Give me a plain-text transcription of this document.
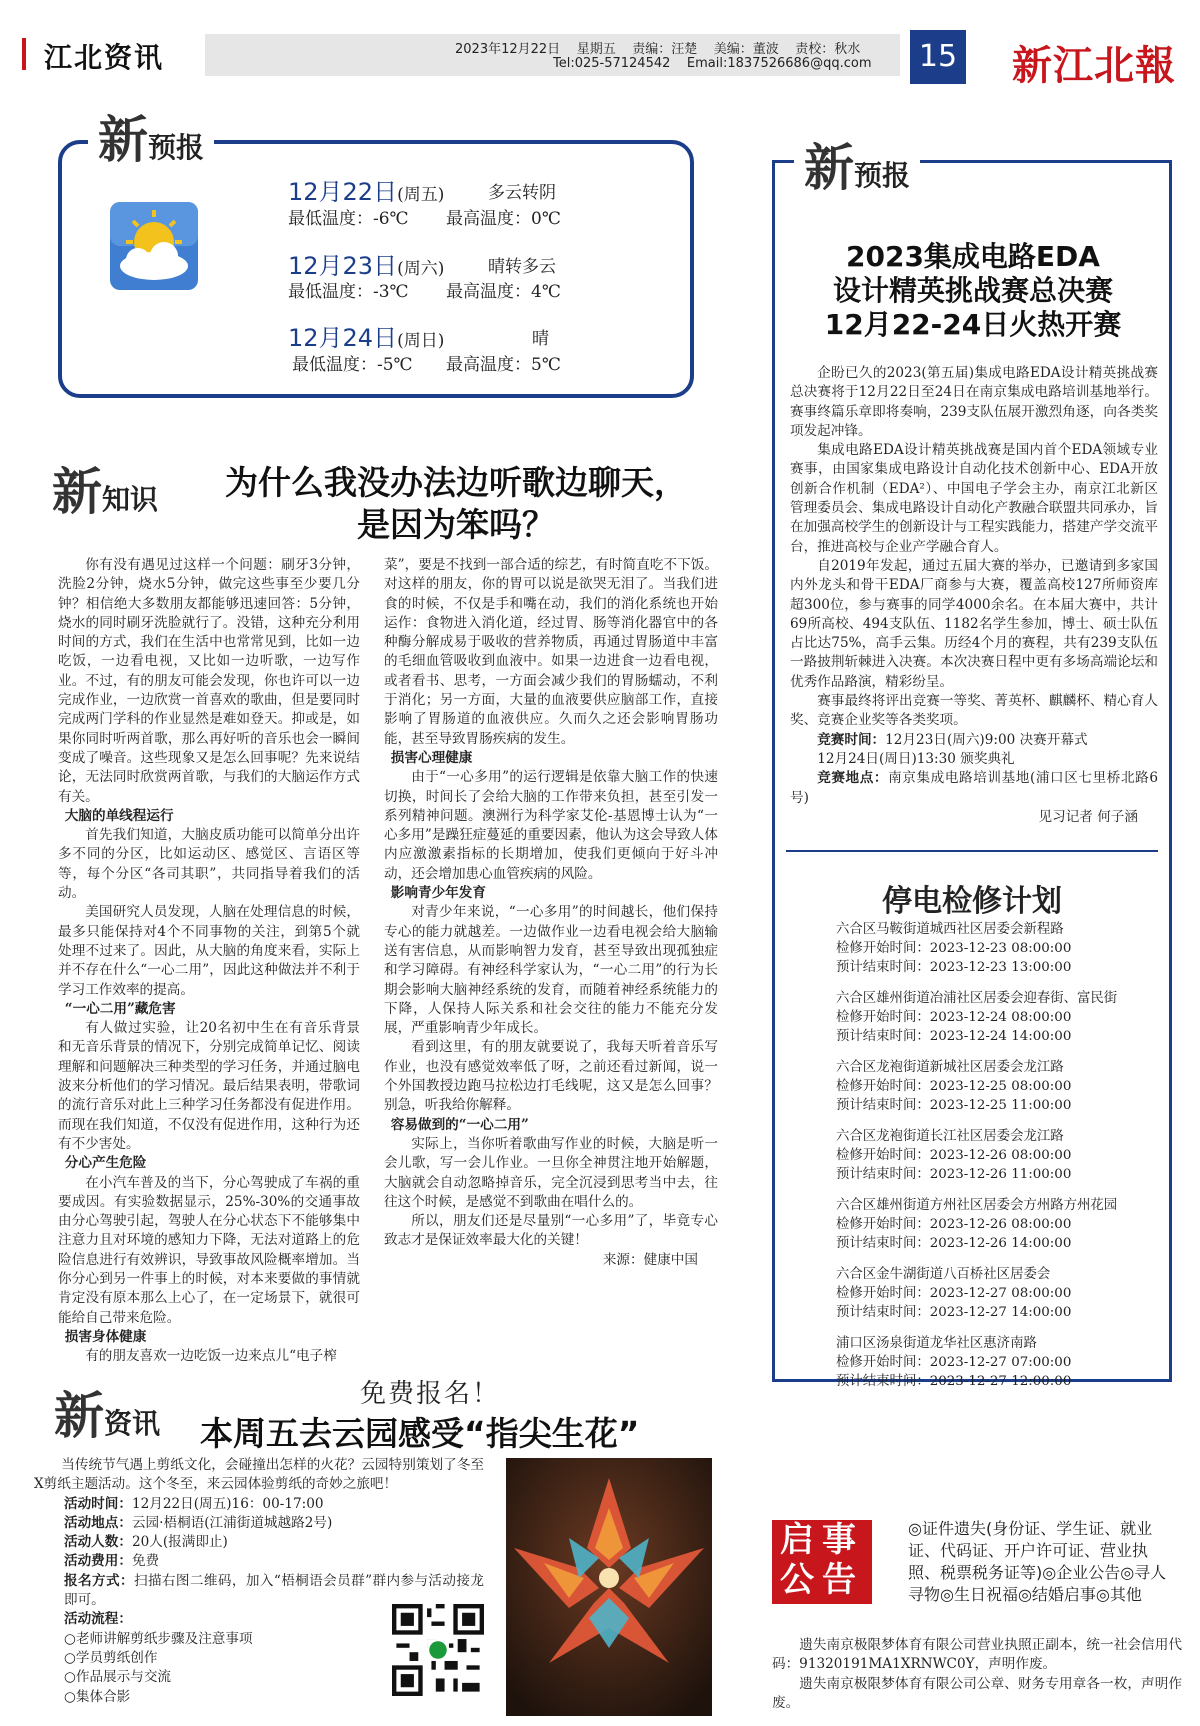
江北资讯	2023年12月22日    星期五    责编：汪楚    美编：董波    责校：秋水
Tel:025-57124542    Email:1837526686@qq.com 15 新江北報
新预报
12月22日(周五)	多云转阴
最低温度：-6℃ 最高温度：0℃
12月23日(周六)	晴转多云
最低温度：-3℃ 最高温度：4℃
12月24日(周日)	晴
最低温度：-5℃ 最高温度：5℃
新知识	为什么我没办法边听歌边聊天，
是因为笨吗？

你有没有遇见过这样一个问题：刷牙3分钟，洗脸2分钟，烧水5分钟，做完这些事至少要几分钟？相信绝大多数朋友都能够迅速回答：5分钟，烧水的同时刷牙洗脸就行了。没错，这种充分利用时间的方式，我们在生活中也常常见到，比如一边吃饭，一边看电视，又比如一边听歌，一边写作业。不过，有的朋友可能会发现，你也许可以一边完成作业，一边欣赏一首喜欢的歌曲，但是要同时完成两门学科的作业显然是难如登天。抑或是，如果你同时听两首歌，那么再好听的音乐也会一瞬间变成了噪音。这些现象又是怎么回事呢？先来说结论，无法同时欣赏两首歌，与我们的大脑运作方式有关。

大脑的单线程运行

首先我们知道，大脑皮质功能可以简单分出许多不同的分区，比如运动区、感觉区、言语区等等，每个分区“各司其职”，共同指导着我们的活动。

美国研究人员发现，人脑在处理信息的时候，最多只能保持对4个不同事物的关注，到第5个就处理不过来了。因此，从大脑的角度来看，实际上并不存在什么“一心二用”，因此这种做法并不利于学习工作效率的提高。

“一心二用”藏危害

有人做过实验，让20名初中生在有音乐背景和无音乐背景的情况下，分别完成简单记忆、阅读理解和问题解决三种类型的学习任务，并通过脑电波来分析他们的学习情况。最后结果表明，带歌词的流行音乐对此上三种学习任务都没有促进作用。而现在我们知道，不仅没有促进作用，这种行为还有不少害处。

分心产生危险

在小汽车普及的当下，分心驾驶成了车祸的重要成因。有实验数据显示，25%-30%的交通事故由分心驾驶引起，驾驶人在分心状态下不能够集中注意力且对环境的感知力下降，无法对道路上的危险信息进行有效辨识，导致事故风险概率增加。当你分心到另一件事上的时候，对本来要做的事情就肯定没有原本那么上心了，在一定场景下，就很可能给自己带来危险。

损害身体健康

有的朋友喜欢一边吃饭一边来点儿“电子榨

菜”，要是不找到一部合适的综艺，有时简直吃不下饭。对这样的朋友，你的胃可以说是欲哭无泪了。当我们进食的时候，不仅是手和嘴在动，我们的消化系统也开始运作：食物进入消化道，经过胃、肠等消化器官中的各种酶分解成易于吸收的营养物质，再通过胃肠道中丰富的毛细血管吸收到血液中。如果一边进食一边看电视，或者看书、思考，一方面会减少我们的胃肠蠕动，不利于消化；另一方面，大量的血液要供应脑部工作，直接影响了胃肠道的血液供应。久而久之还会影响胃肠功能，甚至导致胃肠疾病的发生。

损害心理健康

由于“一心多用”的运行逻辑是依靠大脑工作的快速切换，时间长了会给大脑的工作带来负担，甚至引发一系列精神问题。澳洲行为科学家艾伦-基恩博士认为“一心多用”是躁狂症蔓延的重要因素，他认为这会导致人体内应激激素指标的长期增加，使我们更倾向于好斗冲动，还会增加患心血管疾病的风险。

影响青少年发育

对青少年来说，“一心多用”的时间越长，他们保持专心的能力就越差。一边做作业一边看电视会给大脑输送有害信息，从而影响智力发育，甚至导致出现孤独症和学习障碍。有神经科学家认为，“一心二用”的行为长期会影响大脑神经系统的发育，而随着神经系统能力的下降，人保持人际关系和社会交往的能力不能充分发展，严重影响青少年成长。

看到这里，有的朋友就要说了，我每天听着音乐写作业，也没有感觉效率低了呀，之前还看过新闻，说一个外国教授边跑马拉松边打毛线呢，这又是怎么回事？别急，听我给你解释。

容易做到的“一心二用”

实际上，当你听着歌曲写作业的时候，大脑是听一会儿歌，写一会儿作业。一旦你全神贯注地开始解题，大脑就会自动忽略掉音乐，完全沉浸到思考当中去，往往这个时候，是感觉不到歌曲在唱什么的。

所以，朋友们还是尽量别“一心多用”了，毕竟专心致志才是保证效率最大化的关键！

来源：健康中国

新预报
2023集成电路EDA
设计精英挑战赛总决赛
12月22-24日火热开赛

企盼已久的2023(第五届)集成电路EDA设计精英挑战赛总决赛将于12月22日至24日在南京集成电路培训基地举行。赛事终篇乐章即将奏响，239支队伍展开激烈角逐，向各类奖项发起冲锋。

集成电路EDA设计精英挑战赛是国内首个EDA领域专业赛事，由国家集成电路设计自动化技术创新中心、EDA开放创新合作机制（EDA²）、中国电子学会主办，南京江北新区管理委员会、集成电路设计自动化产教融合联盟共同承办，旨在加强高校学生的创新设计与工程实践能力，搭建产学交流平台，推进高校与企业产学融合育人。

自2019年发起，通过五届大赛的举办，已邀请到多家国内外龙头和骨干EDA厂商参与大赛，覆盖高校127所师资库超300位，参与赛事的同学4000余名。在本届大赛中，共计69所高校、494支队伍、1182名学生参加，博士、硕士队伍占比达75%，高手云集。历经4个月的赛程，共有239支队伍一路披荆斩棘进入决赛。本次决赛日程中更有多场高端论坛和优秀作品路演，精彩纷呈。

赛事最终将评出竞赛一等奖、菁英杯、麒麟杯、精心育人奖、竞赛企业奖等各类奖项。

竞赛时间：12月23日(周六)9:00 决赛开幕式

12月24日(周日)13:30 颁奖典礼

竞赛地点：南京集成电路培训基地(浦口区七里桥北路6号)

见习记者 何子涵

停电检修计划
六合区马鞍街道城西社区居委会新程路
检修开始时间：2023-12-23 08:00:00
预计结束时间：2023-12-23 13:00:00
六合区雄州街道冶浦社区居委会迎春街、富民街
检修开始时间：2023-12-24 08:00:00
预计结束时间：2023-12-24 14:00:00
六合区龙袍街道新城社区居委会龙江路
检修开始时间：2023-12-25 08:00:00
预计结束时间：2023-12-25 11:00:00
六合区龙袍街道长江社区居委会龙江路
检修开始时间：2023-12-26 08:00:00
预计结束时间：2023-12-26 11:00:00
六合区雄州街道方州社区居委会方州路方州花园
检修开始时间：2023-12-26 08:00:00
预计结束时间：2023-12-26 14:00:00
六合区金牛湖街道八百桥社区居委会
检修开始时间：2023-12-27 08:00:00
预计结束时间：2023-12-27 14:00:00
浦口区汤泉街道龙华社区惠济南路
检修开始时间：2023-12-27 07:00:00
预计结束时间：2023-12-27 12:00:00
启事
公告
◎证件遗失(身份证、学生证、就业证、代码证、开户许可证、营业执照、税票税务证等)◎企业公告◎寻人寻物◎生日祝福◎结婚启事◎其他

遗失南京极限梦体育有限公司营业执照正副本，统一社会信用代码：91320191MA1XRNWC0Y，声明作废。

遗失南京极限梦体育有限公司公章、财务专用章各一枚，声明作废。

新资讯
免费报名！
本周五去云园感受“指尖生花”

当传统节气遇上剪纸文化，会碰撞出怎样的火花？云园特别策划了冬至X剪纸主题活动。这个冬至，来云园体验剪纸的奇妙之旅吧！

活动时间：12月22日(周五)16：00-17:00
活动地点：云园·梧桐语(江浦街道城越路2号)
活动人数：20人(报满即止)
活动费用：免费
报名方式：扫描右图二维码，加入“梧桐语会员群”群内参与活动接龙即可。
活动流程：
○老师讲解剪纸步骤及注意事项
○学员剪纸创作
○作品展示与交流
○集体合影
